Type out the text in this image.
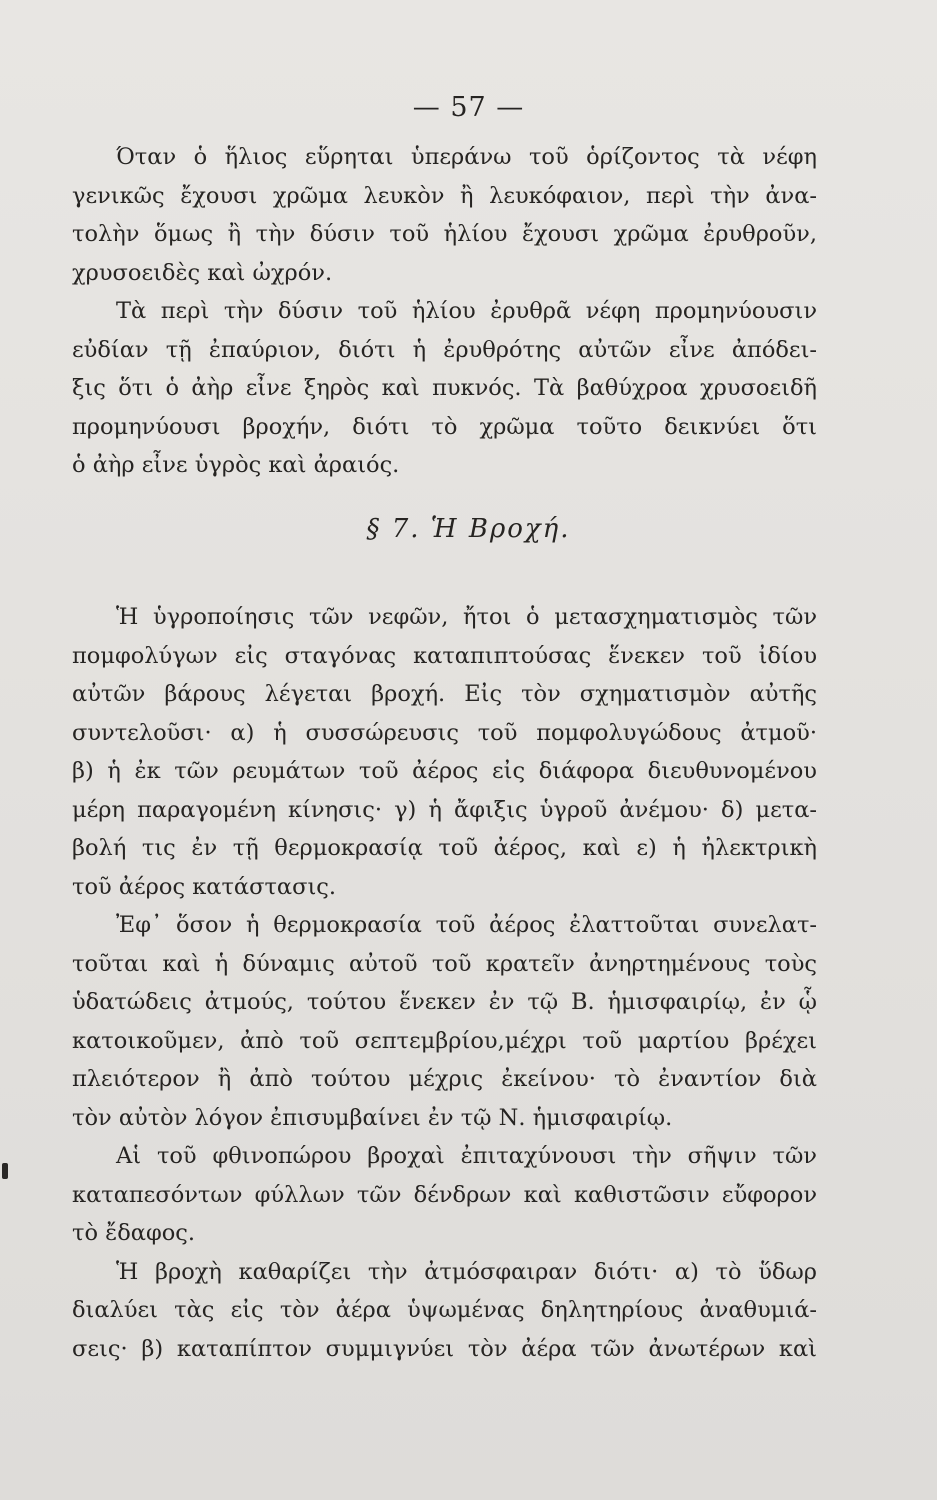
— 57 —
Όταν ὁ ἥλιος εὕρηται ὑπεράνω τοῦ ὁρίζοντος τὰ νέφη
γενικῶς ἔχουσι χρῶμα λευκὸν ἢ λευκόφαιον, περὶ τὴν ἀνα-
τολὴν ὅμως ἢ τὴν δύσιν τοῦ ἡλίου ἔχουσι χρῶμα ἐρυθροῦν,
χρυσοειδὲς καὶ ὠχρόν.
Τὰ περὶ τὴν δύσιν τοῦ ἡλίου ἐρυθρᾶ νέφη προμηνύουσιν
εὐδίαν τῇ ἐπαύριον, διότι ἡ ἐρυθρότης αὐτῶν εἶνε ἀπόδει-
ξις ὅτι ὁ ἀὴρ εἶνε ξηρὸς καὶ πυκνός. Τὰ βαθύχροα χρυσοειδῆ
προμηνύουσι βροχήν, διότι τὸ χρῶμα τοῦτο δεικνύει ὅτι
ὁ ἀὴρ εἶνε ὑγρὸς καὶ ἀραιός.
§ 7. Ἡ Βροχή.
Ἡ ὑγροποίησις τῶν νεφῶν, ἤτοι ὁ μετασχηματισμὸς τῶν
πομφολύγων εἰς σταγόνας καταπιπτούσας ἕνεκεν τοῦ ἰδίου
αὐτῶν βάρους λέγεται βροχή. Εἰς τὸν σχηματισμὸν αὐτῆς
συντελοῦσι· α) ἡ συσσώρευσις τοῦ πομφολυγώδους ἀτμοῦ·
β) ἡ ἐκ τῶν ρευμάτων τοῦ ἀέρος εἰς διάφορα διευθυνομένου
μέρη παραγομένη κίνησις· γ) ἡ ἄφιξις ὑγροῦ ἀνέμου· δ) μετα-
βολή τις ἐν τῇ θερμοκρασίᾳ τοῦ ἀέρος, καὶ ε) ἡ ἠλεκτρικὴ
τοῦ ἀέρος κατάστασις.
Ἐφ᾽ ὅσον ἡ θερμοκρασία τοῦ ἀέρος ἐλαττοῦται συνελατ-
τοῦται καὶ ἡ δύναμις αὐτοῦ τοῦ κρατεῖν ἀνηρτημένους τοὺς
ὑδατώδεις ἀτμούς, τούτου ἕνεκεν ἐν τῷ Β. ἡμισφαιρίῳ, ἐν ᾧ
κατοικοῦμεν, ἀπὸ τοῦ σεπτεμβρίου,μέχρι τοῦ μαρτίου βρέχει
πλειότερον ἢ ἀπὸ τούτου μέχρις ἐκείνου· τὸ ἐναντίον διὰ
τὸν αὐτὸν λόγον ἐπισυμβαίνει ἐν τῷ Ν. ἡμισφαιρίῳ.
Αἱ τοῦ φθινοπώρου βροχαὶ ἐπιταχύνουσι τὴν σῆψιν τῶν
καταπεσόντων φύλλων τῶν δένδρων καὶ καθιστῶσιν εὔφορον
τὸ ἔδαφος.
Ἡ βροχὴ καθαρίζει τὴν ἀτμόσφαιραν διότι· α) τὸ ὕδωρ
διαλύει τὰς εἰς τὸν ἀέρα ὑψωμένας δηλητηρίους ἀναθυμιά-
σεις· β) καταπίπτον συμμιγνύει τὸν ἀέρα τῶν ἀνωτέρων καὶ
